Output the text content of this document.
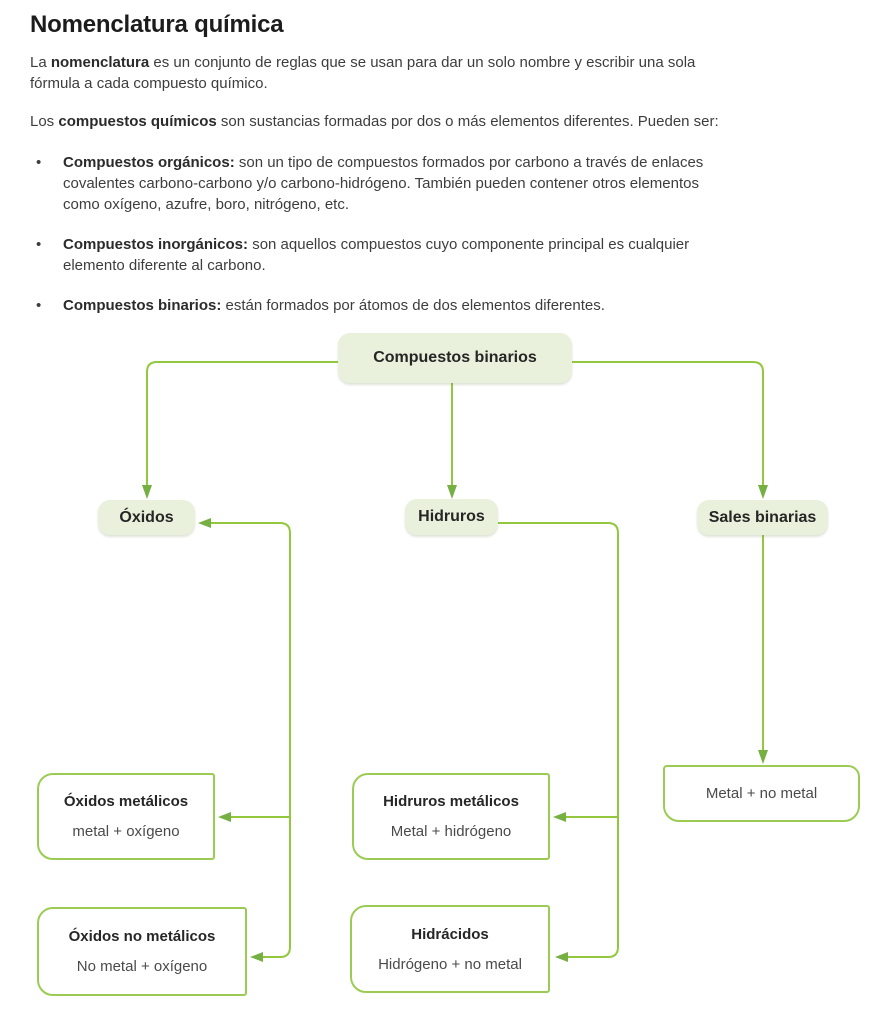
Nomenclatura química

La nomenclatura es un conjunto de reglas que se usan para dar un solo nombre y escribir una sola
fórmula a cada compuesto químico.

Los compuestos químicos son sustancias formadas por dos o más elementos diferentes. Pueden ser:

• Compuestos orgánicos: son un tipo de compuestos formados por carbono a través de enlaces
covalentes carbono-carbono y/o carbono-hidrógeno. También pueden contener otros elementos
como oxígeno, azufre, boro, nitrógeno, etc.
• Compuestos inorgánicos: son aquellos compuestos cuyo componente principal es cualquier
elemento diferente al carbono.
• Compuestos binarios: están formados por átomos de dos elementos diferentes.
Compuestos binarios
Óxidos	Hidruros	Sales binarias
Óxidos metálicos
metal + oxígeno
Hidruros metálicos
Metal + hidrógeno
Metal + no metal
Óxidos no metálicos
No metal + oxígeno
Hidrácidos
Hidrógeno + no metal
